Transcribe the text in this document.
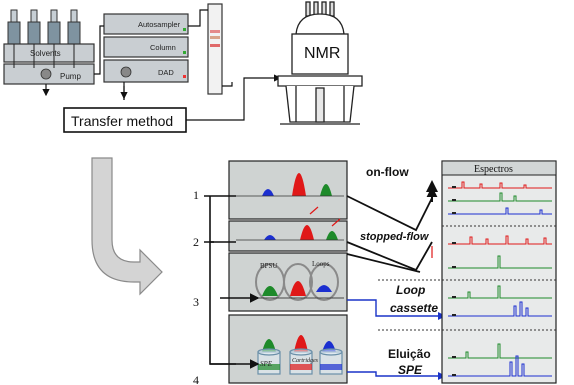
Solvents
Pump
Autosampler
Column
DAD
Transfer method
NMR
BPSU	Loops
SPE	Cartridges
1
2
3
4
on-flow
stopped-flow
Loop
cassette
Eluição
SPE
Espectros
